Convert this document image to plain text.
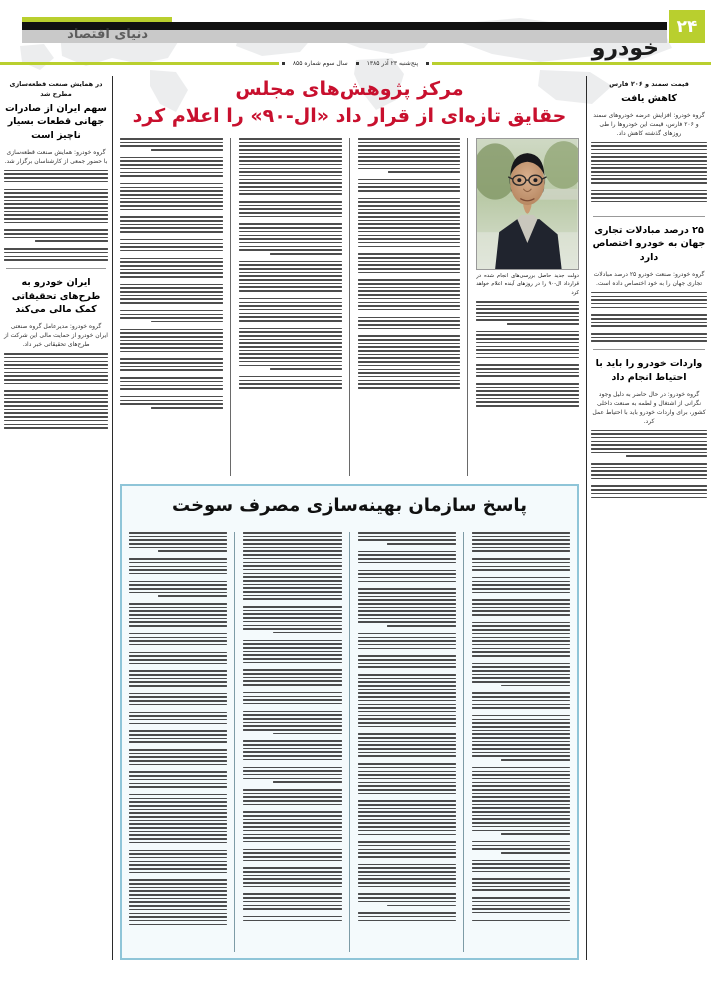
دنیای اقتصاد	۲۴
خودرو
پنج‌شنبه ۲۳ آذر ۱۳۸۵
سال سوم شماره ۸۵۵
قیمت سمند و ۲۰۶ فارس
کاهش یافت
گروه خودرو: افزایش عرضه خودروهای سمند و ۲۰۶ فارس، قیمت این خودروها را طی روزهای گذشته کاهش داد.
۲۵ درصد مبادلات تجاری جهان به خودرو اختصاص دارد
گروه خودرو: صنعت خودرو ۲۵ درصد مبادلات تجاری جهان را به خود اختصاص داده است.
واردات خودرو را باید با احتیاط انجام داد
گروه خودرو: در حال حاضر به دلیل وجود نگرانی از اشتغال و لطمه به صنعت داخلی کشور، برای واردات خودرو باید با احتیاط عمل کرد.
در همایش صنعت قطعه‌سازی مطرح شد
سهم ایران از صادرات جهانی قطعات بسیار ناچیز است
گروه خودرو: همایش صنعت قطعه‌سازی با حضور جمعی از کارشناسان برگزار شد.
ایران خودرو به طرح‌های تحقیقاتی کمک مالی می‌کند
گروه خودرو: مدیرعامل گروه صنعتی ایران خودرو از حمایت مالی این شرکت از طرح‌های تحقیقاتی خبر داد.
مرکز پژوهش‌های مجلس
حقایق تازه‌ای از قرار داد «ال-۹۰» را اعلام کرد
دولت جدید حاصل بررسی‌های انجام شده در قرارداد ال-۹۰ را در روزهای آینده اعلام خواهد کرد
پاسخ سازمان بهینه‌سازی مصرف سوخت
